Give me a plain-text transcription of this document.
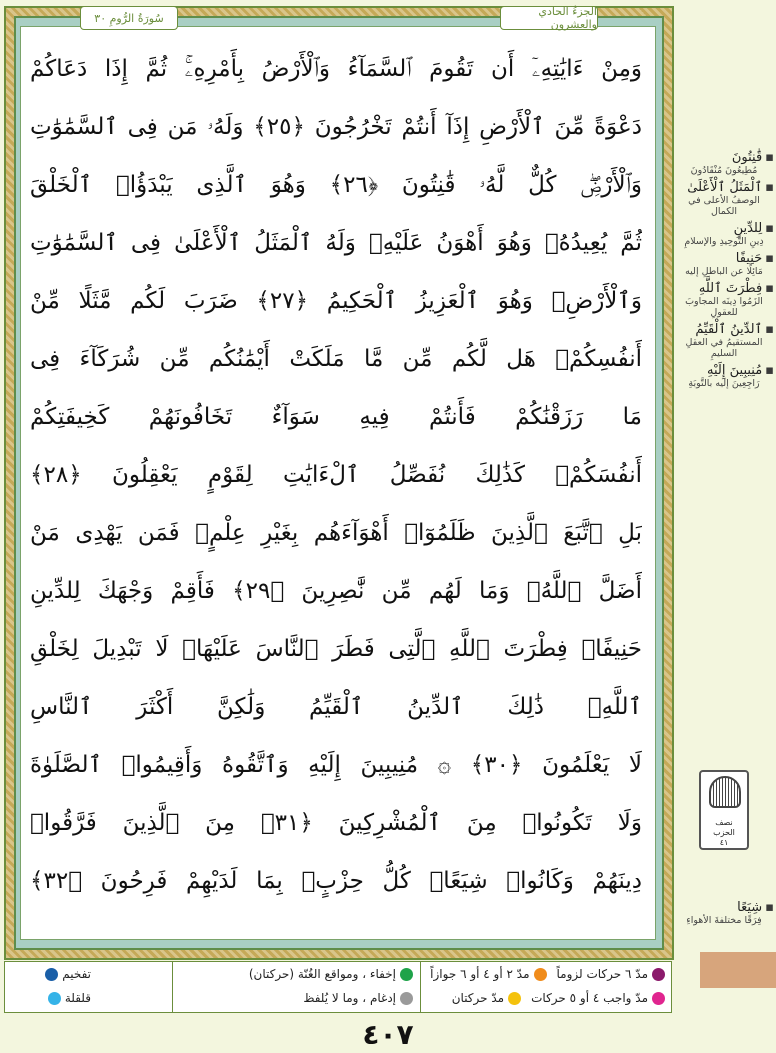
سُورَةُ الرُّومِ ٣٠	الجزءُ الحادي والعشرون
وَمِنْ ءَايَٰتِهِۦٓ أَن تَقُومَ ٱلسَّمَآءُ وَٱلْأَرْضُ بِأَمْرِهِۦۚ ثُمَّ إِذَا دَعَاكُمْ
دَعْوَةً مِّنَ ٱلْأَرْضِ إِذَآ أَنتُمْ تَخْرُجُونَ ﴿٢٥﴾ وَلَهُۥ مَن فِى ٱلسَّمَٰوَٰتِ
وَٱلْأَرْضِۖ كُلٌّ لَّهُۥ قَٰنِتُونَ ﴿٢٦﴾ وَهُوَ ٱلَّذِى يَبْدَؤُا۟ ٱلْخَلْقَ
ثُمَّ يُعِيدُهُۥ وَهُوَ أَهْوَنُ عَلَيْهِۚ وَلَهُ ٱلْمَثَلُ ٱلْأَعْلَىٰ فِى ٱلسَّمَٰوَٰتِ
وَٱلْأَرْضِۚ وَهُوَ ٱلْعَزِيزُ ٱلْحَكِيمُ ﴿٢٧﴾ ضَرَبَ لَكُم مَّثَلًا مِّنْ
أَنفُسِكُمْۖ هَل لَّكُم مِّن مَّا مَلَكَتْ أَيْمَٰنُكُم مِّن شُرَكَآءَ فِى
مَا رَزَقْنَٰكُمْ فَأَنتُمْ فِيهِ سَوَآءٌ تَخَافُونَهُمْ كَخِيفَتِكُمْ
أَنفُسَكُمْۚ كَذَٰلِكَ نُفَصِّلُ ٱلْءَايَٰتِ لِقَوْمٍ يَعْقِلُونَ ﴿٢٨﴾
بَلِ ٱتَّبَعَ ٱلَّذِينَ ظَلَمُوٓا۟ أَهْوَآءَهُم بِغَيْرِ عِلْمٍۖ فَمَن يَهْدِى مَنْ
أَضَلَّ ٱللَّهُۖ وَمَا لَهُم مِّن نَّٰصِرِينَ ﴿٢٩﴾ فَأَقِمْ وَجْهَكَ لِلدِّينِ
حَنِيفًاۚ فِطْرَتَ ٱللَّهِ ٱلَّتِى فَطَرَ ٱلنَّاسَ عَلَيْهَاۚ لَا تَبْدِيلَ لِخَلْقِ
ٱللَّهِۚ ذَٰلِكَ ٱلدِّينُ ٱلْقَيِّمُ وَلَٰكِنَّ أَكْثَرَ ٱلنَّاسِ
لَا يَعْلَمُونَ ﴿٣٠﴾ ۞ مُنِيبِينَ إِلَيْهِ وَٱتَّقُوهُ وَأَقِيمُوا۟ ٱلصَّلَوٰةَ
وَلَا تَكُونُوا۟ مِنَ ٱلْمُشْرِكِينَ ﴿٣١﴾ مِنَ ٱلَّذِينَ فَرَّقُوا۟
دِينَهُمْ وَكَانُوا۟ شِيَعًاۖ كُلُّ حِزْبٍۭ بِمَا لَدَيْهِمْ فَرِحُونَ ﴿٣٢﴾
▪قَٰنِتُونَ
مُطِيعُونَ مُنْقَادُونَ
▪ٱلْمَثَلُ ٱلْأَعْلَىٰ
الوصفُ الأعلى في الكمال
▪لِلدِّينِ
دِينِ التَّوحِيدِ والإسلامِ
▪حَنِيفًا
مَائِلًا عن الباطلِ إليه
▪فِطْرَتَ ٱللَّهِ
الزَمُوا دِينَه المجاوبَ للعقولِ
▪ٱلدِّينُ ٱلْقَيِّمُ
المستقيمُ في العقلِ السليمِ
▪مُنِيبِينَ إِلَيْهِ
رَاجِعِينَ إليه بالتَّوبَةِ
نصف
الحزب
٤١
▪شِيَعًا
فِرَقًا مختلفةَ الأهواءِ
مدّ ٦ حركات لزوماً
مدّ ٢ أو ٤ أو ٦ جوازاً
مدّ واجب ٤ أو ٥ حركات
مدّ حركتان
إخفاء ، ومواقع الغُنّة (حركتان)
إدغام ، وما لا يُلفظ
تفخيم
قلقلة
٤٠٧
